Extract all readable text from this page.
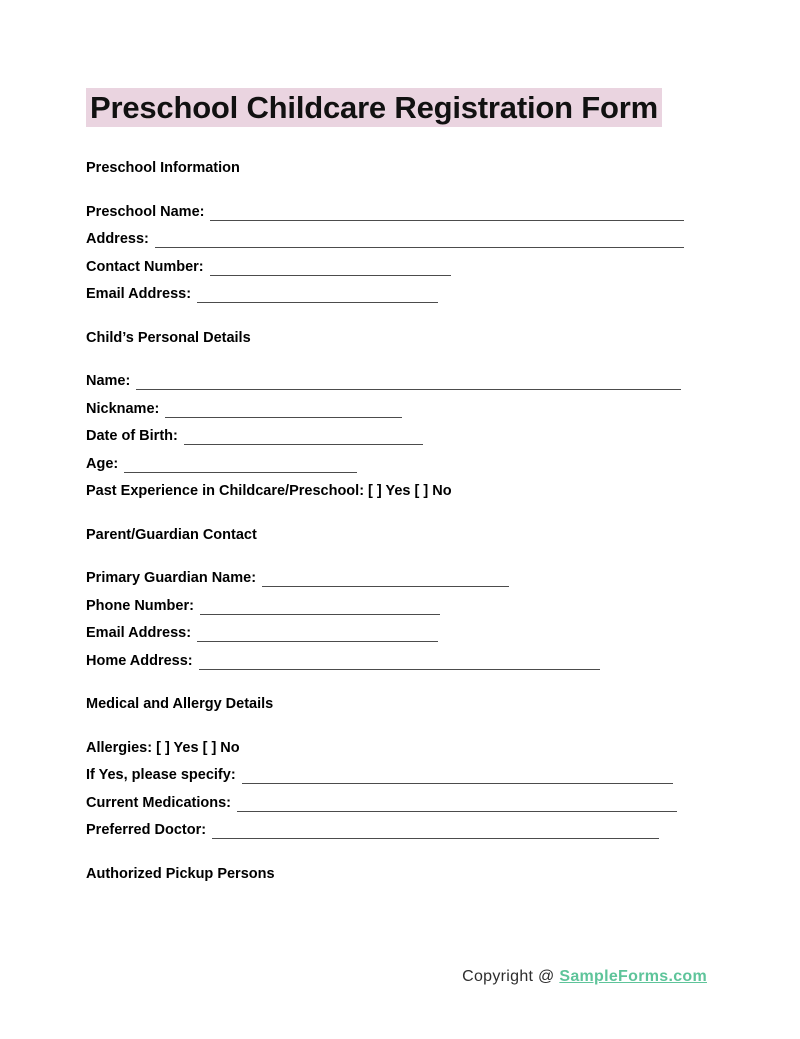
Preschool Childcare Registration Form

Preschool Information

Preschool Name:
Address:
Contact Number:
Email Address:

Child’s Personal Details

Name:
Nickname:
Date of Birth:
Age:
Past Experience in Childcare/Preschool: [ ] Yes [ ] No

Parent/Guardian Contact

Primary Guardian Name:
Phone Number:
Email Address:
Home Address:

Medical and Allergy Details

Allergies: [ ] Yes [ ] No
If Yes, please specify:
Current Medications:
Preferred Doctor:

Authorized Pickup Persons

Copyright @ SampleForms.com
